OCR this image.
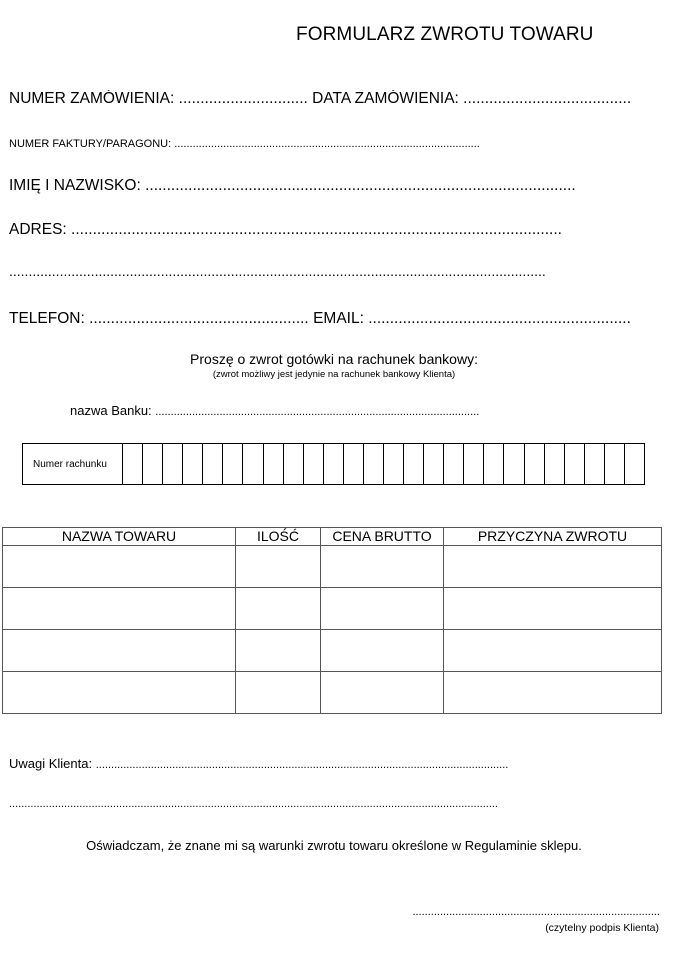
FORMULARZ ZWROTU TOWARU
NUMER ZAMÓWIENIA: .............................. DATA ZAMÓWIENIA: .......................................
NUMER FAKTURY/PARAGONU: ....................................................................................................
IMIĘ I NAZWISKO: ....................................................................................................
ADRES: ..................................................................................................................
..........................................................................................................................................
TELEFON: ................................................... EMAIL: .............................................................
Proszę o zwrot gotówki na rachunek bankowy:
(zwrot możliwy jest jedynie na rachunek bankowy Klienta)
nazwa Banku: ..........................................................................................................
Numer rachunku
NAZWA TOWARU	ILOŚĆ	CENA BRUTTO	PRZYCZYNA ZWROTU

Uwagi Klienta: .......................................................................................................................................
................................................................................................................................................................
Oświadczam, że znane mi są warunki zwrotu towaru określone w Regulaminie sklepu.
.................................................................................
(czytelny podpis Klienta)
